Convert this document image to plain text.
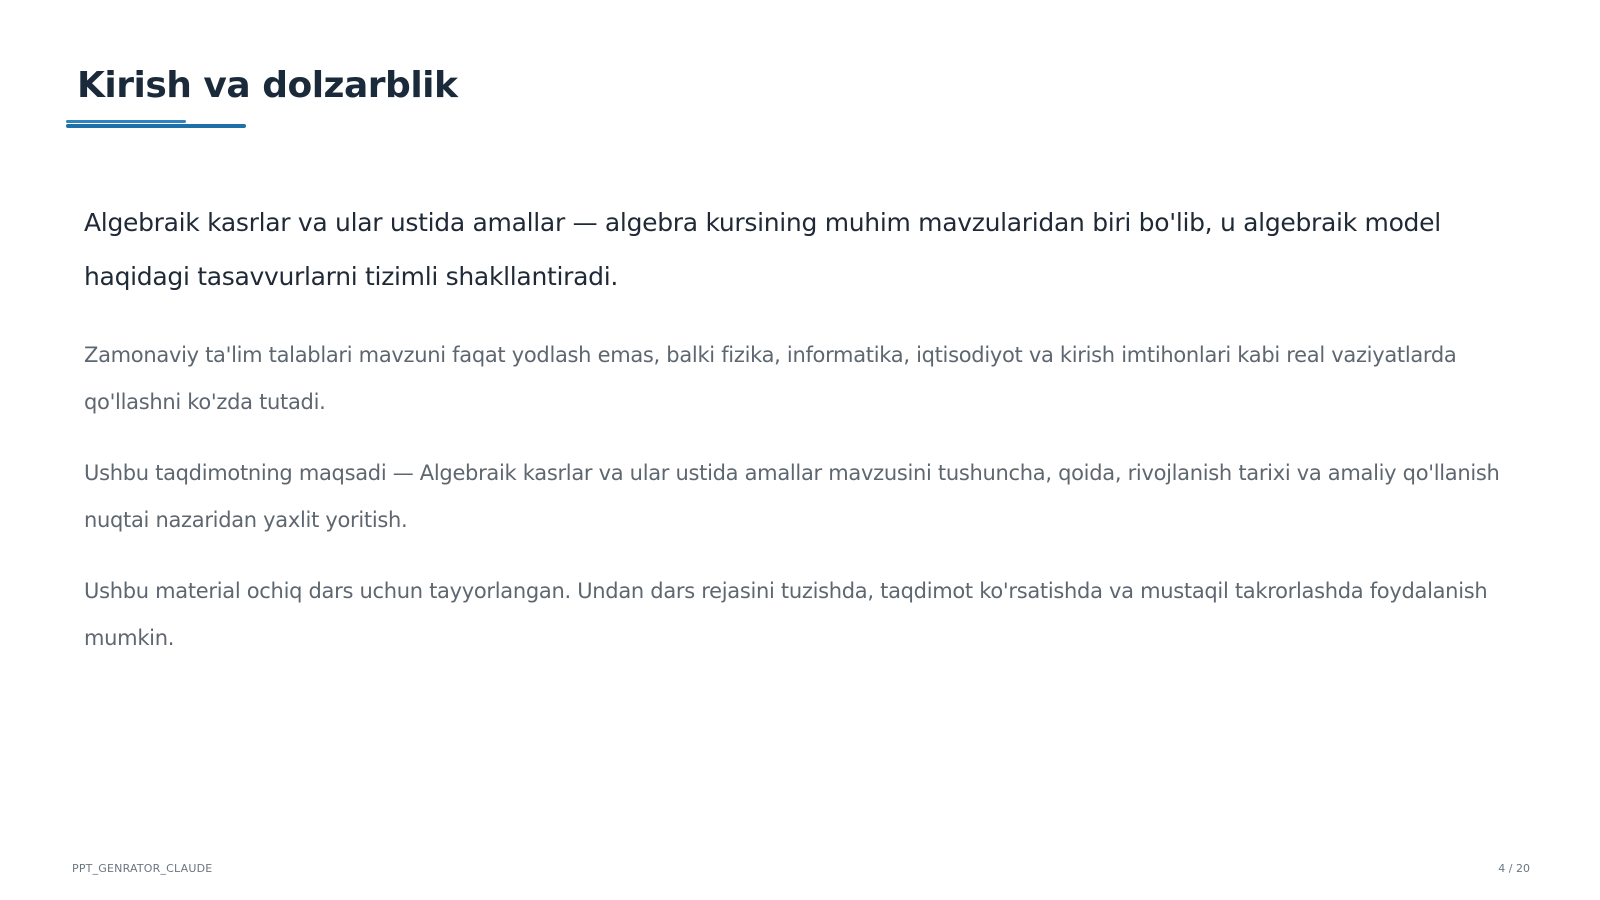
Kirish va dolzarblik

Algebraik kasrlar va ular ustida amallar — algebra kursining muhim mavzularidan biri bo'lib, u algebraik model haqidagi tasavvurlarni tizimli shakllantiradi.

Zamonaviy ta'lim talablari mavzuni faqat yodlash emas, balki fizika, informatika, iqtisodiyot va kirish imtihonlari kabi real vaziyatlarda qo'llashni ko'zda tutadi.

Ushbu taqdimotning maqsadi — Algebraik kasrlar va ular ustida amallar mavzusini tushuncha, qoida, rivojlanish tarixi va amaliy qo'llanish nuqtai nazaridan yaxlit yoritish.

Ushbu material ochiq dars uchun tayyorlangan. Undan dars rejasini tuzishda, taqdimot ko'rsatishda va mustaqil takrorlashda foydalanish mumkin.

PPT_GENRATOR_CLAUDE	4 / 20
